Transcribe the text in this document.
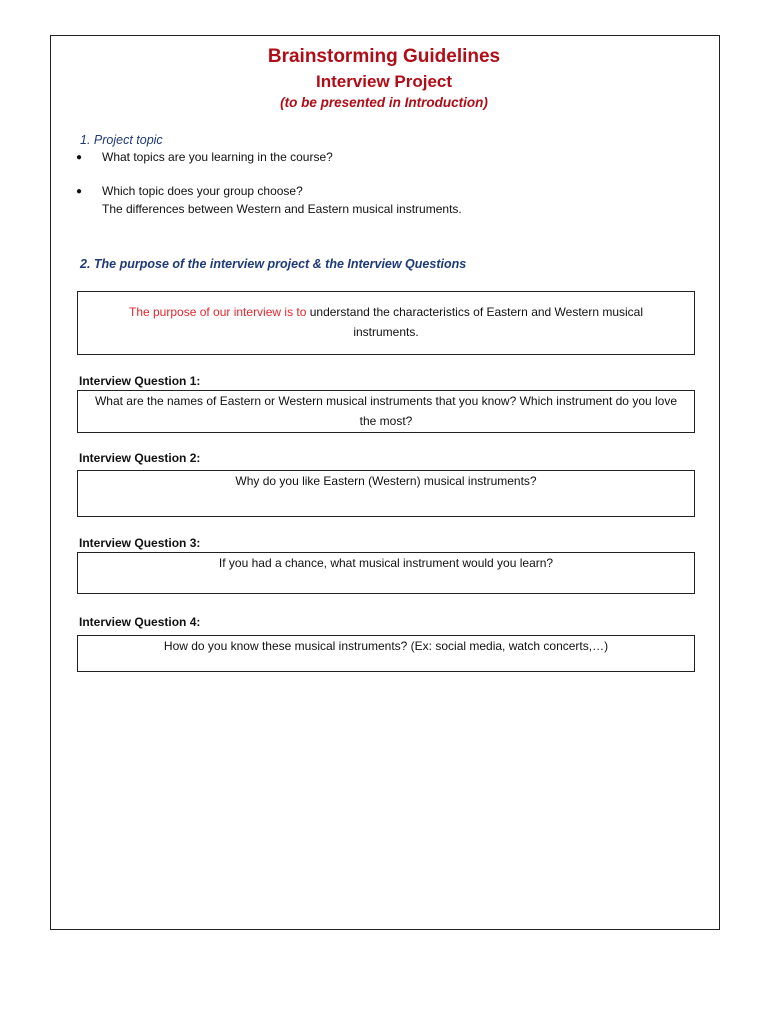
Brainstorming Guidelines
Interview Project
(to be presented in Introduction)
1. Project topic
● What topics are you learning in the course?
● Which topic does your group choose?
The differences between Western and Eastern musical instruments.
2. The purpose of the interview project & the Interview Questions
The purpose of our interview is to understand the characteristics of Eastern and Western musical instruments.
Interview Question 1:
What are the names of Eastern or Western musical instruments that you know? Which instrument do you love the most?
Interview Question 2:
Why do you like Eastern (Western) musical instruments?
Interview Question 3:
If you had a chance, what musical instrument would you learn?
Interview Question 4:
How do you know these musical instruments? (Ex: social media, watch concerts,…)
